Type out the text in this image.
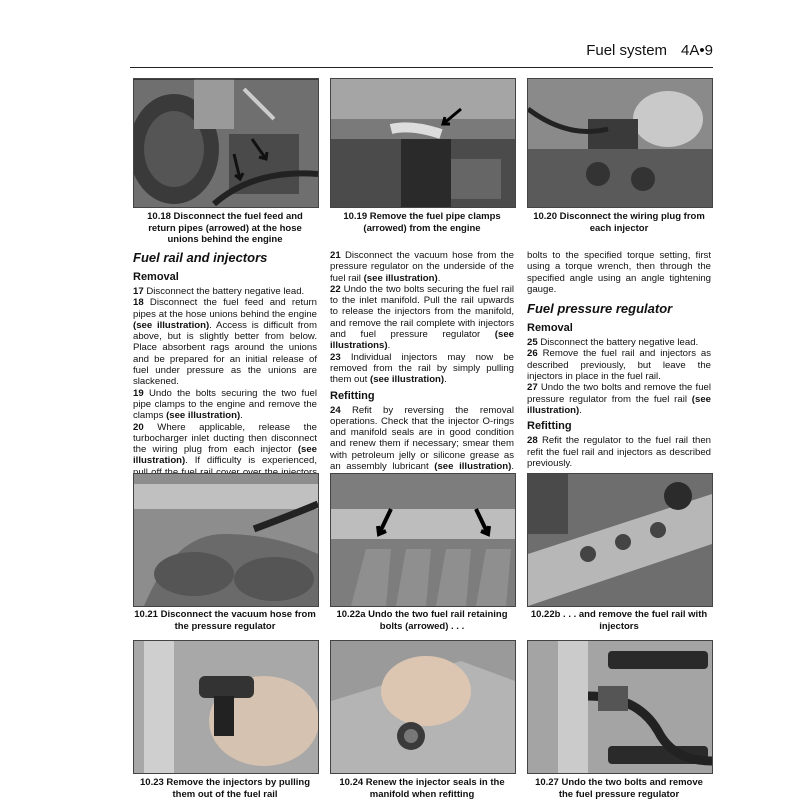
Fuel system 4A•9
10.18 Disconnect the fuel feed and return pipes (arrowed) at the hose unions behind the engine
10.19 Remove the fuel pipe clamps (arrowed) from the engine
10.20 Disconnect the wiring plug from each injector
Fuel rail and injectors
Removal

17 Disconnect the battery negative lead.

18 Disconnect the fuel feed and return pipes at the hose unions behind the engine (see illustration). Access is difficult from above, but is slightly better from below. Place absorbent rags around the unions and be prepared for an initial release of fuel under pressure as the unions are slackened.

19 Undo the bolts securing the two fuel pipe clamps to the engine and remove the clamps (see illustration).

20 Where applicable, release the turbocharger inlet ducting then disconnect the wiring plug from each injector (see illustration). If difficulty is experienced,

21 Disconnect the vacuum hose from the pressure regulator on the underside of the fuel rail (see illustration).

22 Undo the two bolts securing the fuel rail to the inlet manifold. Pull the rail upwards to release the injectors from the manifold, and remove the rail complete with injectors and fuel pressure regulator (see illustrations).

23 Individual injectors may now be removed from the rail by simply pulling them out (see illustration).

Refitting

24 Refit by reversing the removal operations. Check that the injector O-rings and manifold seals are in good condition and renew them if necessary; smear them with petroleum jelly or silicone grease as an assembly lubricant (see illustration).

bolts to the specified torque setting, first using a torque wrench, then through the specified angle using an angle tightening gauge.

Fuel pressure regulator
Removal

25 Disconnect the battery negative lead.

26 Remove the fuel rail and injectors as described previously, but leave the injectors in place in the fuel rail.

27 Undo the two bolts and remove the fuel pressure regulator from the fuel rail (see illustration).

Refitting

28 Refit the regulator to the fuel rail then refit the fuel rail and injectors as described previously.

10.21 Disconnect the vacuum hose from the pressure regulator
10.22a Undo the two fuel rail retaining bolts (arrowed) . . .
10.22b . . . and remove the fuel rail with injectors
10.23 Remove the injectors by pulling them out of the fuel rail
10.24 Renew the injector seals in the manifold when refitting
10.27 Undo the two bolts and remove the fuel pressure regulator
